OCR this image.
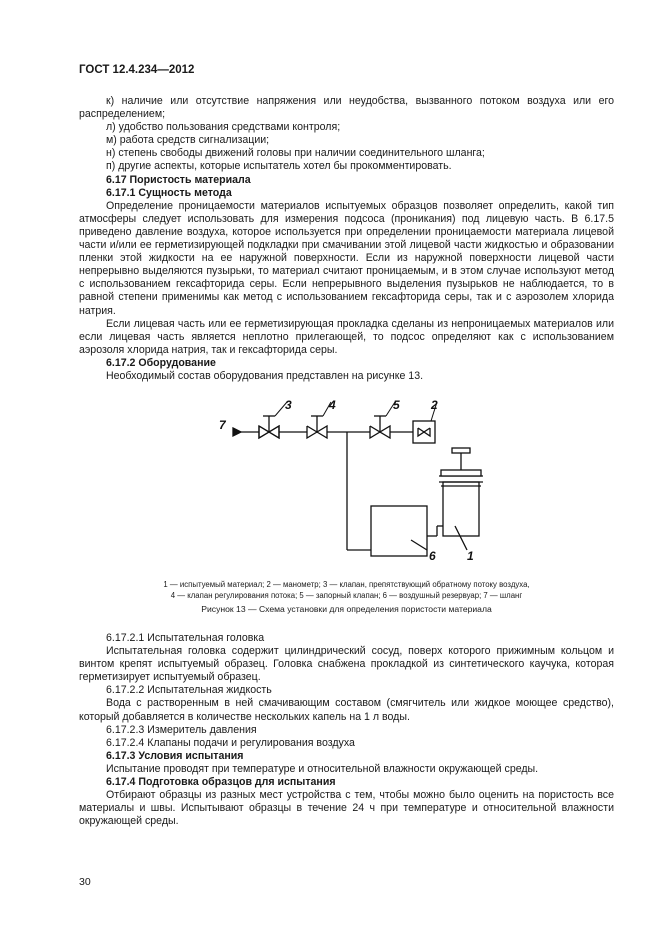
ГОСТ 12.4.234—2012

к) наличие или отсутствие напряжения или неудобства, вызванного потоком воздуха или его распределением;

л) удобство пользования средствами контроля;

м) работа средств сигнализации;

н) степень свободы движений головы при наличии соединительного шланга;

п) другие аспекты, которые испытатель хотел бы прокомментировать.

6.17 Пористость материала

6.17.1 Сущность метода

Определение проницаемости материалов испытуемых образцов позволяет определить, какой тип атмосферы следует использовать для измерения подсоса (проникания) под лицевую часть. В 6.17.5 приведено давление воздуха, которое используется при определении проницаемости материала лицевой части и/или ее герметизирующей подкладки при смачивании этой лицевой части жидкостью и образовании пленки этой жидкости на ее наружной поверхности. Если из наружной поверхности лицевой части непрерывно выделяются пузырьки, то материал считают проницаемым, и в этом случае используют метод с использованием гексафторида серы. Если непрерывного выделения пузырьков не наблюдается, то в равной степени применимы как метод с использованием гексафторида серы, так и с аэрозолем хлорида натрия.

Если лицевая часть или ее герметизирующая прокладка сделаны из непроницаемых материалов или если лицевая часть является неплотно прилегающей, то подсос определяют как с использованием аэрозоля хлорида натрия, так и гексафторида серы.

6.17.2 Оборудование

Необходимый состав оборудования представлен на рисунке 13.

7
3	4	5	2
1
6
1 — испытуемый материал; 2 — манометр; 3 — клапан, препятствующий обратному потоку воздуха,
4 — клапан регулирования потока; 5 — запорный клапан; 6 — воздушный резервуар; 7 — шланг
Рисунок 13 — Схема установки для определения пористости материала

6.17.2.1 Испытательная головка

Испытательная головка содержит цилиндрический сосуд, поверх которого прижимным кольцом и винтом крепят испытуемый образец. Головка снабжена прокладкой из синтетического каучука, которая герметизирует испытуемый образец.

6.17.2.2 Испытательная жидкость

Вода с растворенным в ней смачивающим составом (смягчитель или жидкое моющее средство), который добавляется в количестве нескольких капель на 1 л воды.

6.17.2.3 Измеритель давления

6.17.2.4 Клапаны подачи и регулирования воздуха

6.17.3 Условия испытания

Испытание проводят при температуре и относительной влажности окружающей среды.

6.17.4 Подготовка образцов для испытания

Отбирают образцы из разных мест устройства с тем, чтобы можно было оценить на пористость все материалы и швы. Испытывают образцы в течение 24 ч при температуре и относительной влажности окружающей среды.

30
